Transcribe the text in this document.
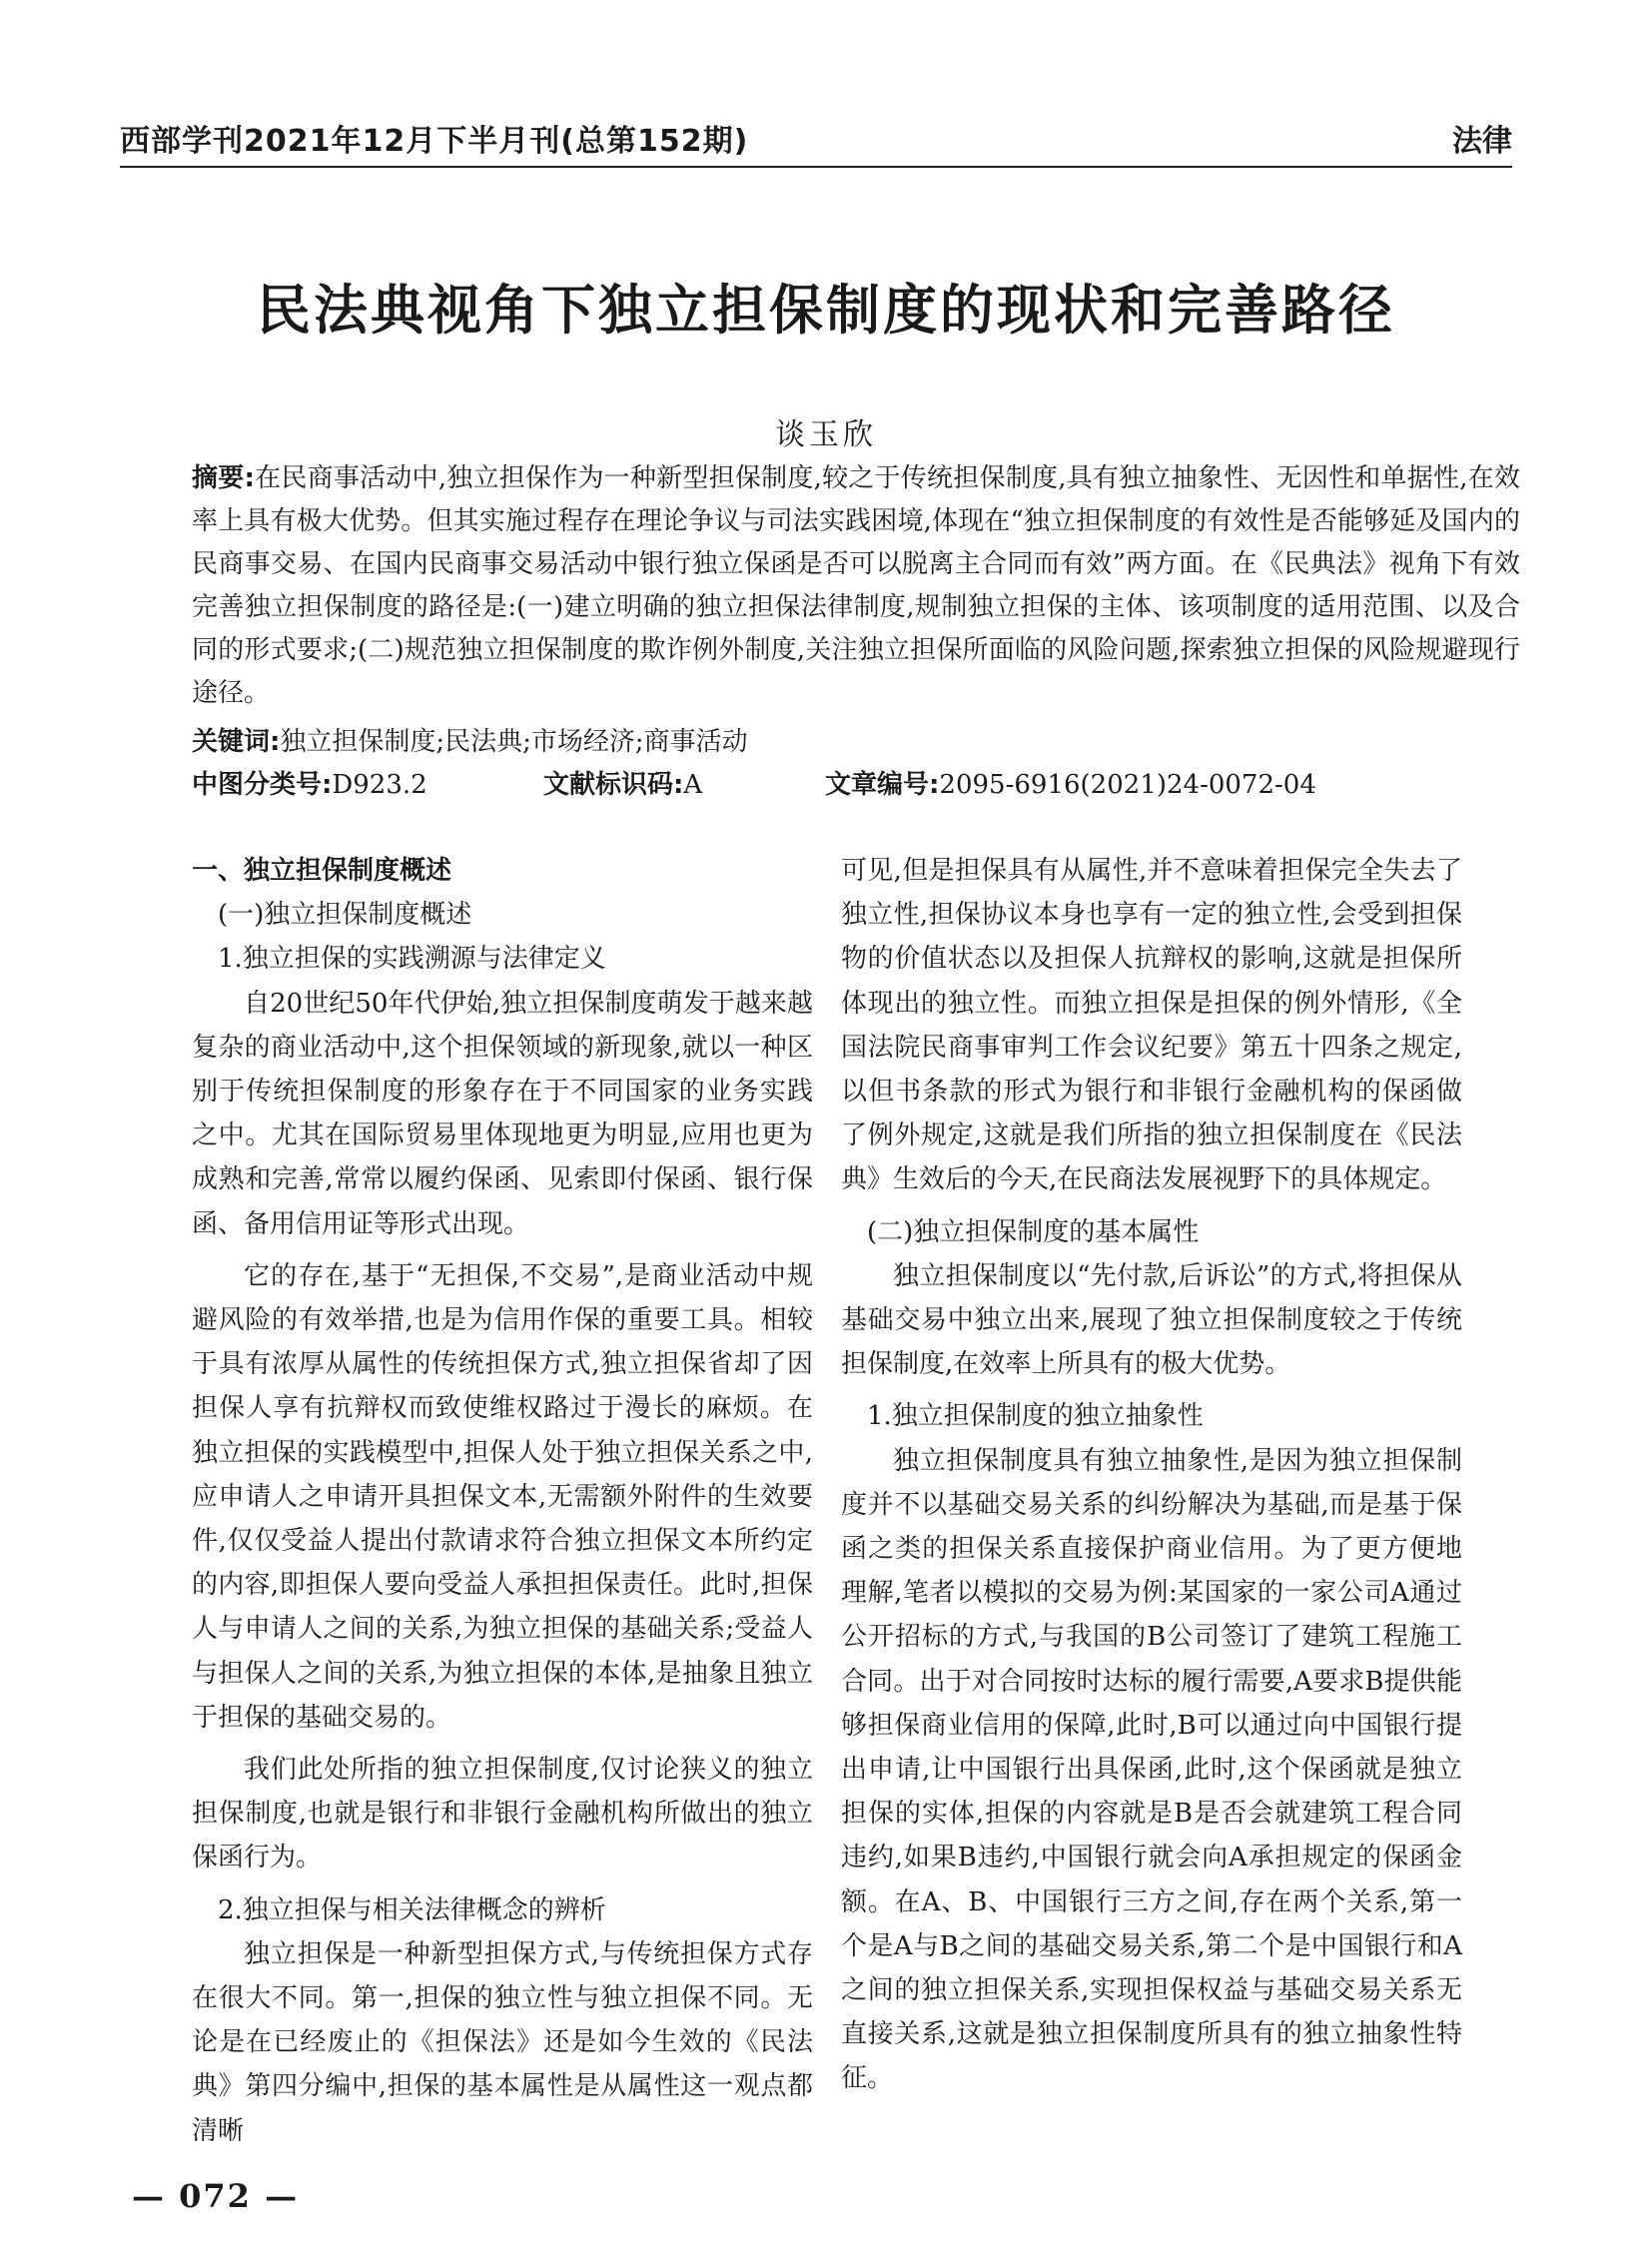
西部学刊2021年12月下半月刊(总第152期)	法律
民法典视角下独立担保制度的现状和完善路径
谈玉欣
摘要:在民商事活动中,独立担保作为一种新型担保制度,较之于传统担保制度,具有独立抽象性、无因性和单据性,在效率上具有极大优势。但其实施过程存在理论争议与司法实践困境,体现在“独立担保制度的有效性是否能够延及国内的民商事交易、在国内民商事交易活动中银行独立保函是否可以脱离主合同而有效”两方面。在《民典法》视角下有效完善独立担保制度的路径是:(一)建立明确的独立担保法律制度,规制独立担保的主体、该项制度的适用范围、以及合同的形式要求;(二)规范独立担保制度的欺诈例外制度,关注独立担保所面临的风险问题,探索独立担保的风险规避现行途径。
关键词:独立担保制度;民法典;市场经济;商事活动
中图分类号:D923.2	文献标识码:A	文章编号:2095-6916(2021)24-0072-04

一、独立担保制度概述

(一)独立担保制度概述

1.独立担保的实践溯源与法律定义

自20世纪50年代伊始,独立担保制度萌发于越来越复杂的商业活动中,这个担保领域的新现象,就以一种区别于传统担保制度的形象存在于不同国家的业务实践之中。尤其在国际贸易里体现地更为明显,应用也更为成熟和完善,常常以履约保函、见索即付保函、银行保函、备用信用证等形式出现。

它的存在,基于“无担保,不交易”,是商业活动中规避风险的有效举措,也是为信用作保的重要工具。相较于具有浓厚从属性的传统担保方式,独立担保省却了因担保人享有抗辩权而致使维权路过于漫长的麻烦。在独立担保的实践模型中,担保人处于独立担保关系之中,应申请人之申请开具担保文本,无需额外附件的生效要件,仅仅受益人提出付款请求符合独立担保文本所约定的内容,即担保人要向受益人承担担保责任。此时,担保人与申请人之间的关系,为独立担保的基础关系;受益人与担保人之间的关系,为独立担保的本体,是抽象且独立于担保的基础交易的。

我们此处所指的独立担保制度,仅讨论狭义的独立担保制度,也就是银行和非银行金融机构所做出的独立保函行为。

2.独立担保与相关法律概念的辨析

独立担保是一种新型担保方式,与传统担保方式存在很大不同。第一,担保的独立性与独立担保不同。无论是在已经废止的《担保法》还是如今生效的《民法典》第四分编中,担保的基本属性是从属性这一观点都清晰

可见,但是担保具有从属性,并不意味着担保完全失去了独立性,担保协议本身也享有一定的独立性,会受到担保物的价值状态以及担保人抗辩权的影响,这就是担保所体现出的独立性。而独立担保是担保的例外情形,《全国法院民商事审判工作会议纪要》第五十四条之规定,以但书条款的形式为银行和非银行金融机构的保函做了例外规定,这就是我们所指的独立担保制度在《民法典》生效后的今天,在民商法发展视野下的具体规定。

(二)独立担保制度的基本属性

独立担保制度以“先付款,后诉讼”的方式,将担保从基础交易中独立出来,展现了独立担保制度较之于传统担保制度,在效率上所具有的极大优势。

1.独立担保制度的独立抽象性

独立担保制度具有独立抽象性,是因为独立担保制度并不以基础交易关系的纠纷解决为基础,而是基于保函之类的担保关系直接保护商业信用。为了更方便地理解,笔者以模拟的交易为例:某国家的一家公司A通过公开招标的方式,与我国的B公司签订了建筑工程施工合同。出于对合同按时达标的履行需要,A要求B提供能够担保商业信用的保障,此时,B可以通过向中国银行提出申请,让中国银行出具保函,此时,这个保函就是独立担保的实体,担保的内容就是B是否会就建筑工程合同违约,如果B违约,中国银行就会向A承担规定的保函金额。在A、B、中国银行三方之间,存在两个关系,第一个是A与B之间的基础交易关系,第二个是中国银行和A之间的独立担保关系,实现担保权益与基础交易关系无直接关系,这就是独立担保制度所具有的独立抽象性特征。

— 072 —
